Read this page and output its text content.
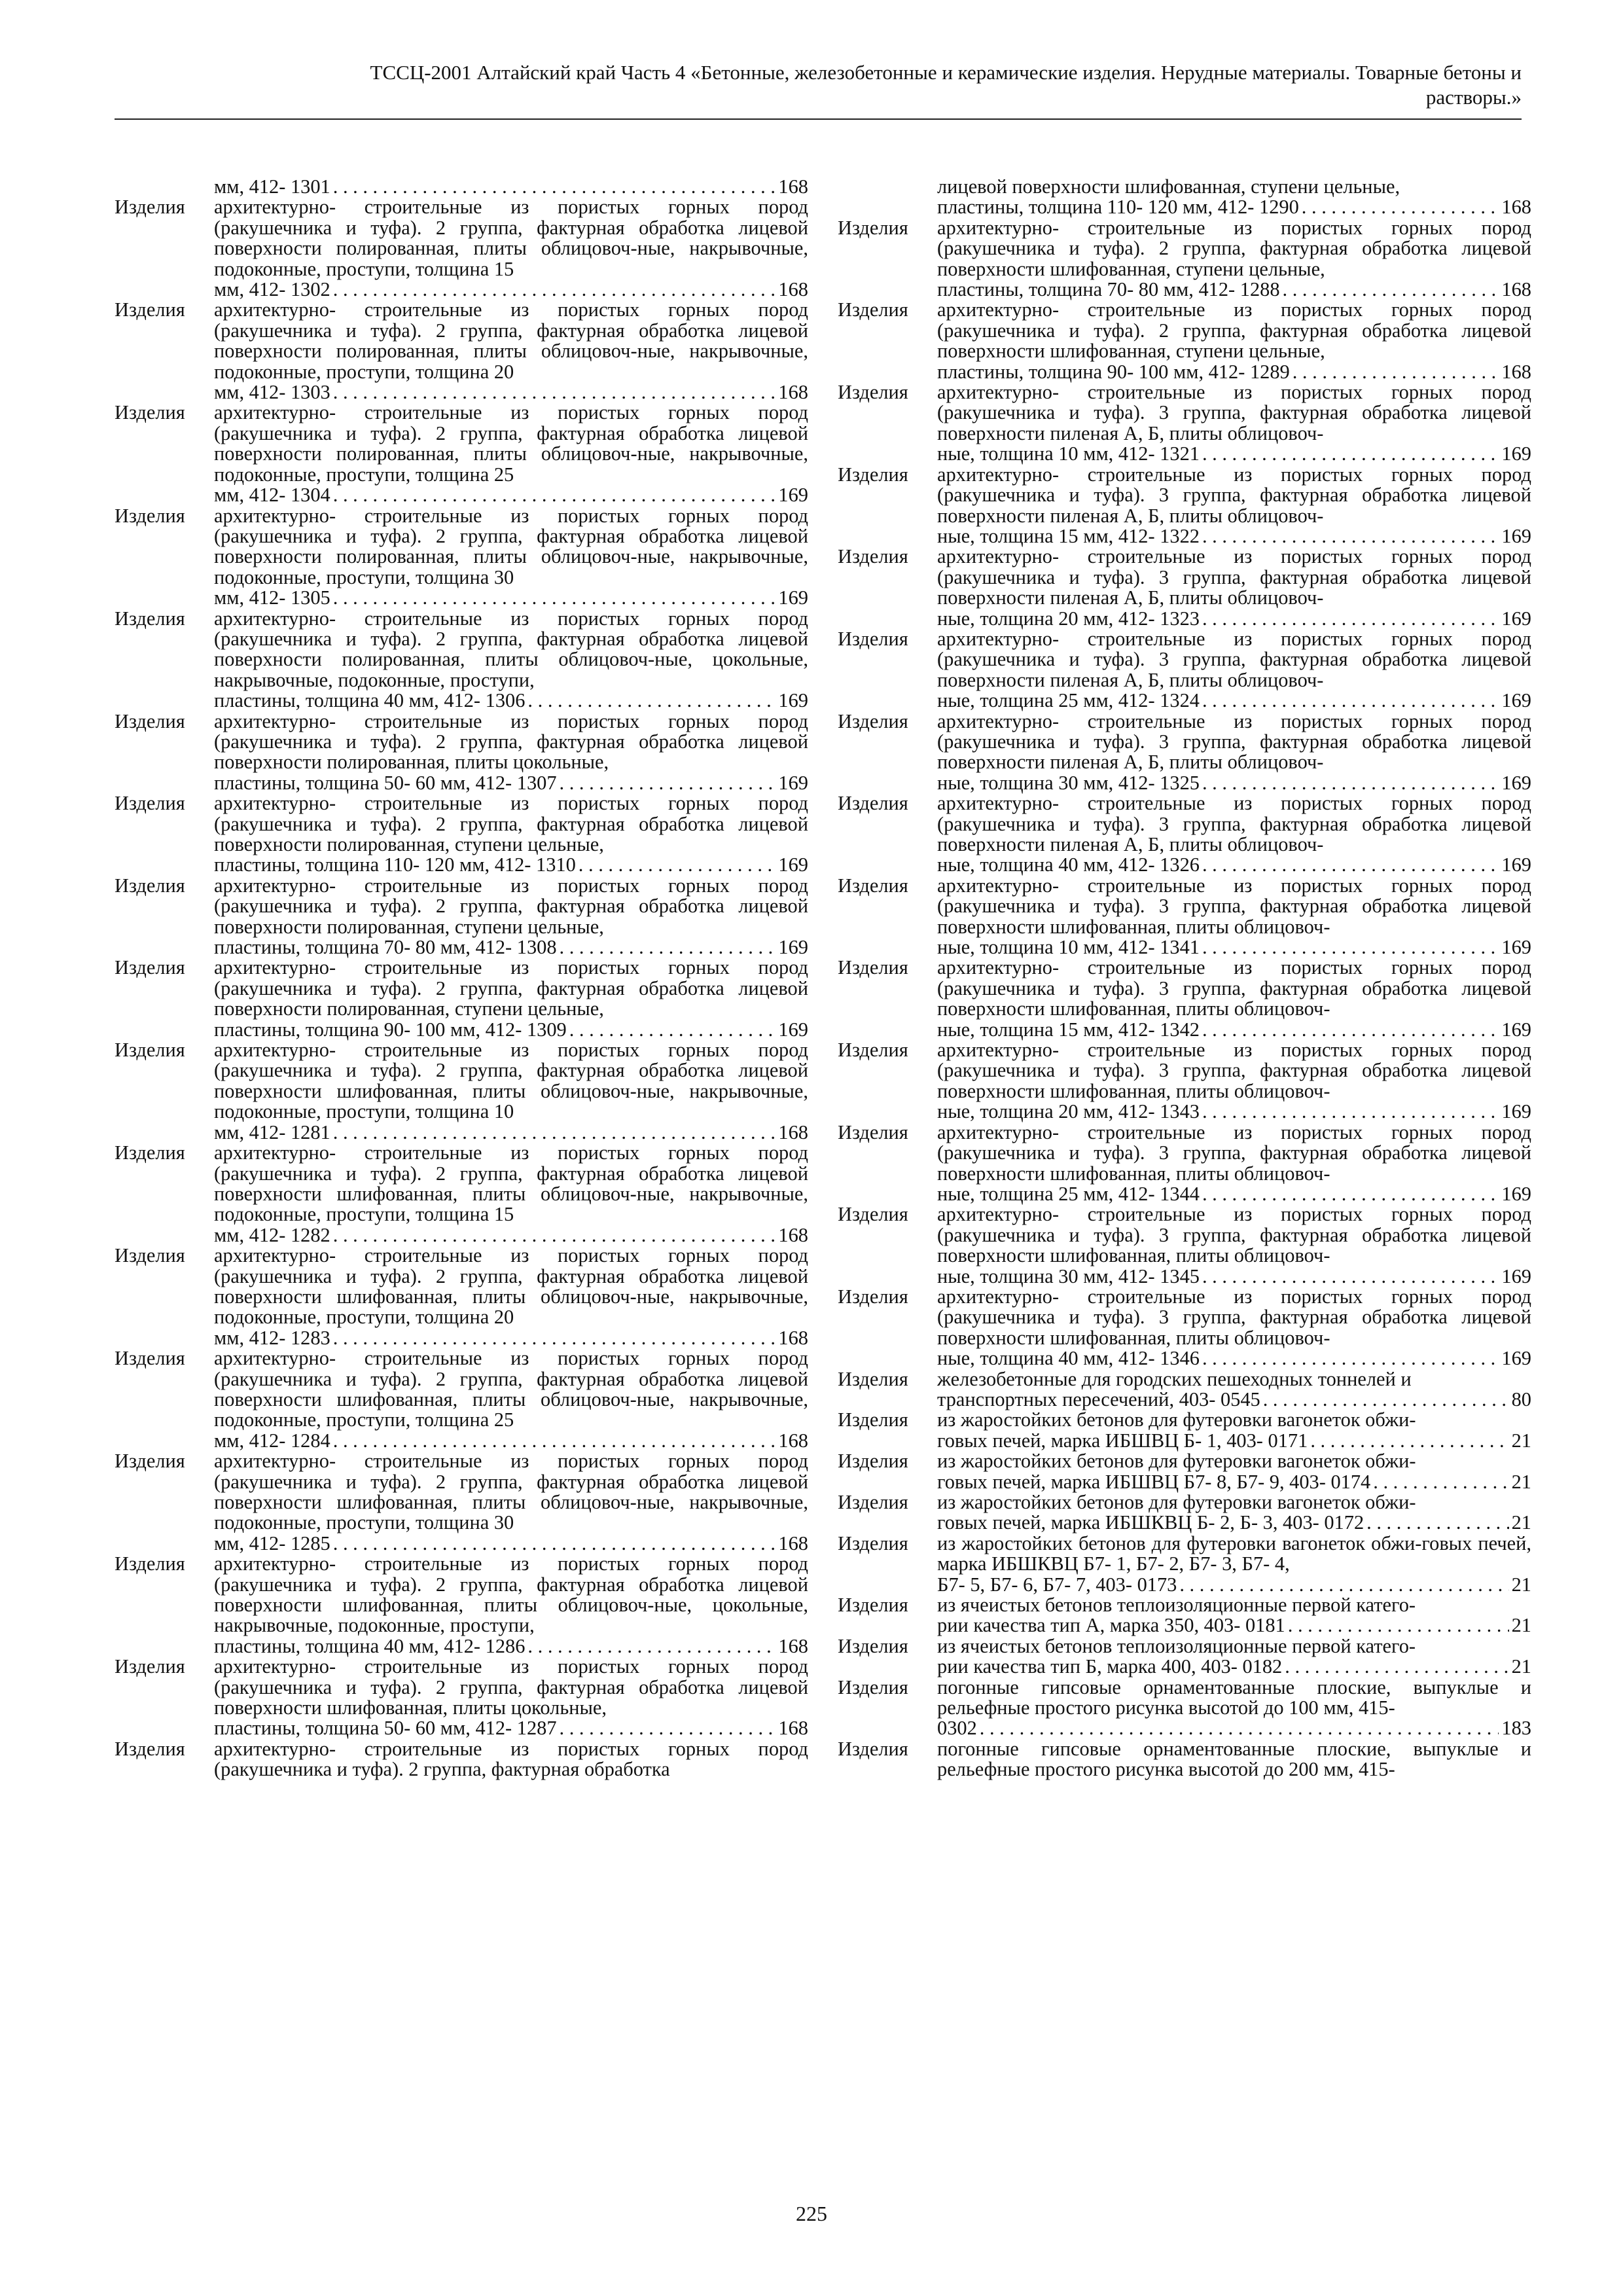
ТССЦ-2001 Алтайский край Часть 4 «Бетонные, железобетонные и керамические изделия. Нерудные материалы. Товарные бетоны и
растворы.»
мм, 412- 1301 . . .	168
Изделия архитектурно- строительные из пористых горных пород (ракушечника и туфа). 2 группа, фактурная обработка лицевой поверхности полированная, плиты облицовоч-ные, накрывочные, подоконные, проступи, толщина 15
мм, 412- 1302 . . .	168
Изделия архитектурно- строительные из пористых горных пород (ракушечника и туфа). 2 группа, фактурная обработка лицевой поверхности полированная, плиты облицовоч-ные, накрывочные, подоконные, проступи, толщина 20
мм, 412- 1303 . . .	168
Изделия архитектурно- строительные из пористых горных пород (ракушечника и туфа). 2 группа, фактурная обработка лицевой поверхности полированная, плиты облицовоч-ные, накрывочные, подоконные, проступи, толщина 25
мм, 412- 1304 . . .	169
Изделия архитектурно- строительные из пористых горных пород (ракушечника и туфа). 2 группа, фактурная обработка лицевой поверхности полированная, плиты облицовоч-ные, накрывочные, подоконные, проступи, толщина 30
мм, 412- 1305 . . .	169
Изделия архитектурно- строительные из пористых горных пород (ракушечника и туфа). 2 группа, фактурная обработка лицевой поверхности полированная, плиты облицовоч-ные, цокольные, накрывочные, подоконные, проступи,
пластины, толщина 40 мм, 412- 1306 . . .	169
Изделия архитектурно- строительные из пористых горных пород (ракушечника и туфа). 2 группа, фактурная обработка лицевой поверхности полированная, плиты цокольные,
пластины, толщина 50- 60 мм, 412- 1307 . . .	169
Изделия архитектурно- строительные из пористых горных пород (ракушечника и туфа). 2 группа, фактурная обработка лицевой поверхности полированная, ступени цельные,
пластины, толщина 110- 120 мм, 412- 1310 . . .	169
Изделия архитектурно- строительные из пористых горных пород (ракушечника и туфа). 2 группа, фактурная обработка лицевой поверхности полированная, ступени цельные,
пластины, толщина 70- 80 мм, 412- 1308 . . .	169
Изделия архитектурно- строительные из пористых горных пород (ракушечника и туфа). 2 группа, фактурная обработка лицевой поверхности полированная, ступени цельные,
пластины, толщина 90- 100 мм, 412- 1309 . . .	169
Изделия архитектурно- строительные из пористых горных пород (ракушечника и туфа). 2 группа, фактурная обработка лицевой поверхности шлифованная, плиты облицовоч-ные, накрывочные, подоконные, проступи, толщина 10
мм, 412- 1281 . . .	168
Изделия архитектурно- строительные из пористых горных пород (ракушечника и туфа). 2 группа, фактурная обработка лицевой поверхности шлифованная, плиты облицовоч-ные, накрывочные, подоконные, проступи, толщина 15
мм, 412- 1282 . . .	168
Изделия архитектурно- строительные из пористых горных пород (ракушечника и туфа). 2 группа, фактурная обработка лицевой поверхности шлифованная, плиты облицовоч-ные, накрывочные, подоконные, проступи, толщина 20
мм, 412- 1283 . . .	168
Изделия архитектурно- строительные из пористых горных пород (ракушечника и туфа). 2 группа, фактурная обработка лицевой поверхности шлифованная, плиты облицовоч-ные, накрывочные, подоконные, проступи, толщина 25
мм, 412- 1284 . . .	168
Изделия архитектурно- строительные из пористых горных пород (ракушечника и туфа). 2 группа, фактурная обработка лицевой поверхности шлифованная, плиты облицовоч-ные, накрывочные, подоконные, проступи, толщина 30
мм, 412- 1285 . . .	168
Изделия архитектурно- строительные из пористых горных пород (ракушечника и туфа). 2 группа, фактурная обработка лицевой поверхности шлифованная, плиты облицовоч-ные, цокольные, накрывочные, подоконные, проступи,
пластины, толщина 40 мм, 412- 1286 . . .	168
Изделия архитектурно- строительные из пористых горных пород (ракушечника и туфа). 2 группа, фактурная обработка лицевой поверхности шлифованная, плиты цокольные,
пластины, толщина 50- 60 мм, 412- 1287 . . .	168
Изделия архитектурно- строительные из пористых горных пород (ракушечника и туфа). 2 группа, фактурная обработка
лицевой поверхности шлифованная, ступени цельные,
пластины, толщина 110- 120 мм, 412- 1290 . . .	168
Изделия архитектурно- строительные из пористых горных пород (ракушечника и туфа). 2 группа, фактурная обработка лицевой поверхности шлифованная, ступени цельные,
пластины, толщина 70- 80 мм, 412- 1288 . . .	168
Изделия архитектурно- строительные из пористых горных пород (ракушечника и туфа). 2 группа, фактурная обработка лицевой поверхности шлифованная, ступени цельные,
пластины, толщина 90- 100 мм, 412- 1289 . . .	168
Изделия архитектурно- строительные из пористых горных пород (ракушечника и туфа). 3 группа, фактурная обработка лицевой поверхности пиленая А, Б, плиты облицовоч-
ные, толщина 10 мм, 412- 1321 . . .	169
Изделия архитектурно- строительные из пористых горных пород (ракушечника и туфа). 3 группа, фактурная обработка лицевой поверхности пиленая А, Б, плиты облицовоч-
ные, толщина 15 мм, 412- 1322 . . .	169
Изделия архитектурно- строительные из пористых горных пород (ракушечника и туфа). 3 группа, фактурная обработка лицевой поверхности пиленая А, Б, плиты облицовоч-
ные, толщина 20 мм, 412- 1323 . . .	169
Изделия архитектурно- строительные из пористых горных пород (ракушечника и туфа). 3 группа, фактурная обработка лицевой поверхности пиленая А, Б, плиты облицовоч-
ные, толщина 25 мм, 412- 1324 . . .	169
Изделия архитектурно- строительные из пористых горных пород (ракушечника и туфа). 3 группа, фактурная обработка лицевой поверхности пиленая А, Б, плиты облицовоч-
ные, толщина 30 мм, 412- 1325 . . .	169
Изделия архитектурно- строительные из пористых горных пород (ракушечника и туфа). 3 группа, фактурная обработка лицевой поверхности пиленая А, Б, плиты облицовоч-
ные, толщина 40 мм, 412- 1326 . . .	169
Изделия архитектурно- строительные из пористых горных пород (ракушечника и туфа). 3 группа, фактурная обработка лицевой поверхности шлифованная, плиты облицовоч-
ные, толщина 10 мм, 412- 1341 . . .	169
Изделия архитектурно- строительные из пористых горных пород (ракушечника и туфа). 3 группа, фактурная обработка лицевой поверхности шлифованная, плиты облицовоч-
ные, толщина 15 мм, 412- 1342 . . .	169
Изделия архитектурно- строительные из пористых горных пород (ракушечника и туфа). 3 группа, фактурная обработка лицевой поверхности шлифованная, плиты облицовоч-
ные, толщина 20 мм, 412- 1343 . . .	169
Изделия архитектурно- строительные из пористых горных пород (ракушечника и туфа). 3 группа, фактурная обработка лицевой поверхности шлифованная, плиты облицовоч-
ные, толщина 25 мм, 412- 1344 . . .	169
Изделия архитектурно- строительные из пористых горных пород (ракушечника и туфа). 3 группа, фактурная обработка лицевой поверхности шлифованная, плиты облицовоч-
ные, толщина 30 мм, 412- 1345 . . .	169
Изделия архитектурно- строительные из пористых горных пород (ракушечника и туфа). 3 группа, фактурная обработка лицевой поверхности шлифованная, плиты облицовоч-
ные, толщина 40 мм, 412- 1346 . . .	169
Изделия железобетонные для городских пешеходных тоннелей и
транспортных пересечений, 403- 0545 . . .	80
Изделия из жаростойких бетонов для футеровки вагонеток обжи-
говых печей, марка ИБШВЦ Б- 1, 403- 0171 . . .	21
Изделия из жаростойких бетонов для футеровки вагонеток обжи-
говых печей, марка ИБШВЦ Б7- 8, Б7- 9, 403- 0174 . . .	21
Изделия из жаростойких бетонов для футеровки вагонеток обжи-
говых печей, марка ИБШКВЦ Б- 2, Б- 3, 403- 0172 . . .	21
Изделия из жаростойких бетонов для футеровки вагонеток обжи-говых печей, марка ИБШКВЦ Б7- 1, Б7- 2, Б7- 3, Б7- 4,
Б7- 5, Б7- 6, Б7- 7, 403- 0173 . . .	21
Изделия из ячеистых бетонов теплоизоляционные первой катего-
рии качества тип А, марка 350, 403- 0181 . . .	21
Изделия из ячеистых бетонов теплоизоляционные первой катего-
рии качества тип Б, марка 400, 403- 0182 . . .	21
Изделия погонные гипсовые орнаментованные плоские, выпуклые и рельефные простого рисунка высотой до 100 мм, 415-
0302 . . .	183
Изделия погонные гипсовые орнаментованные плоские, выпуклые и рельефные простого рисунка высотой до 200 мм, 415-
225
